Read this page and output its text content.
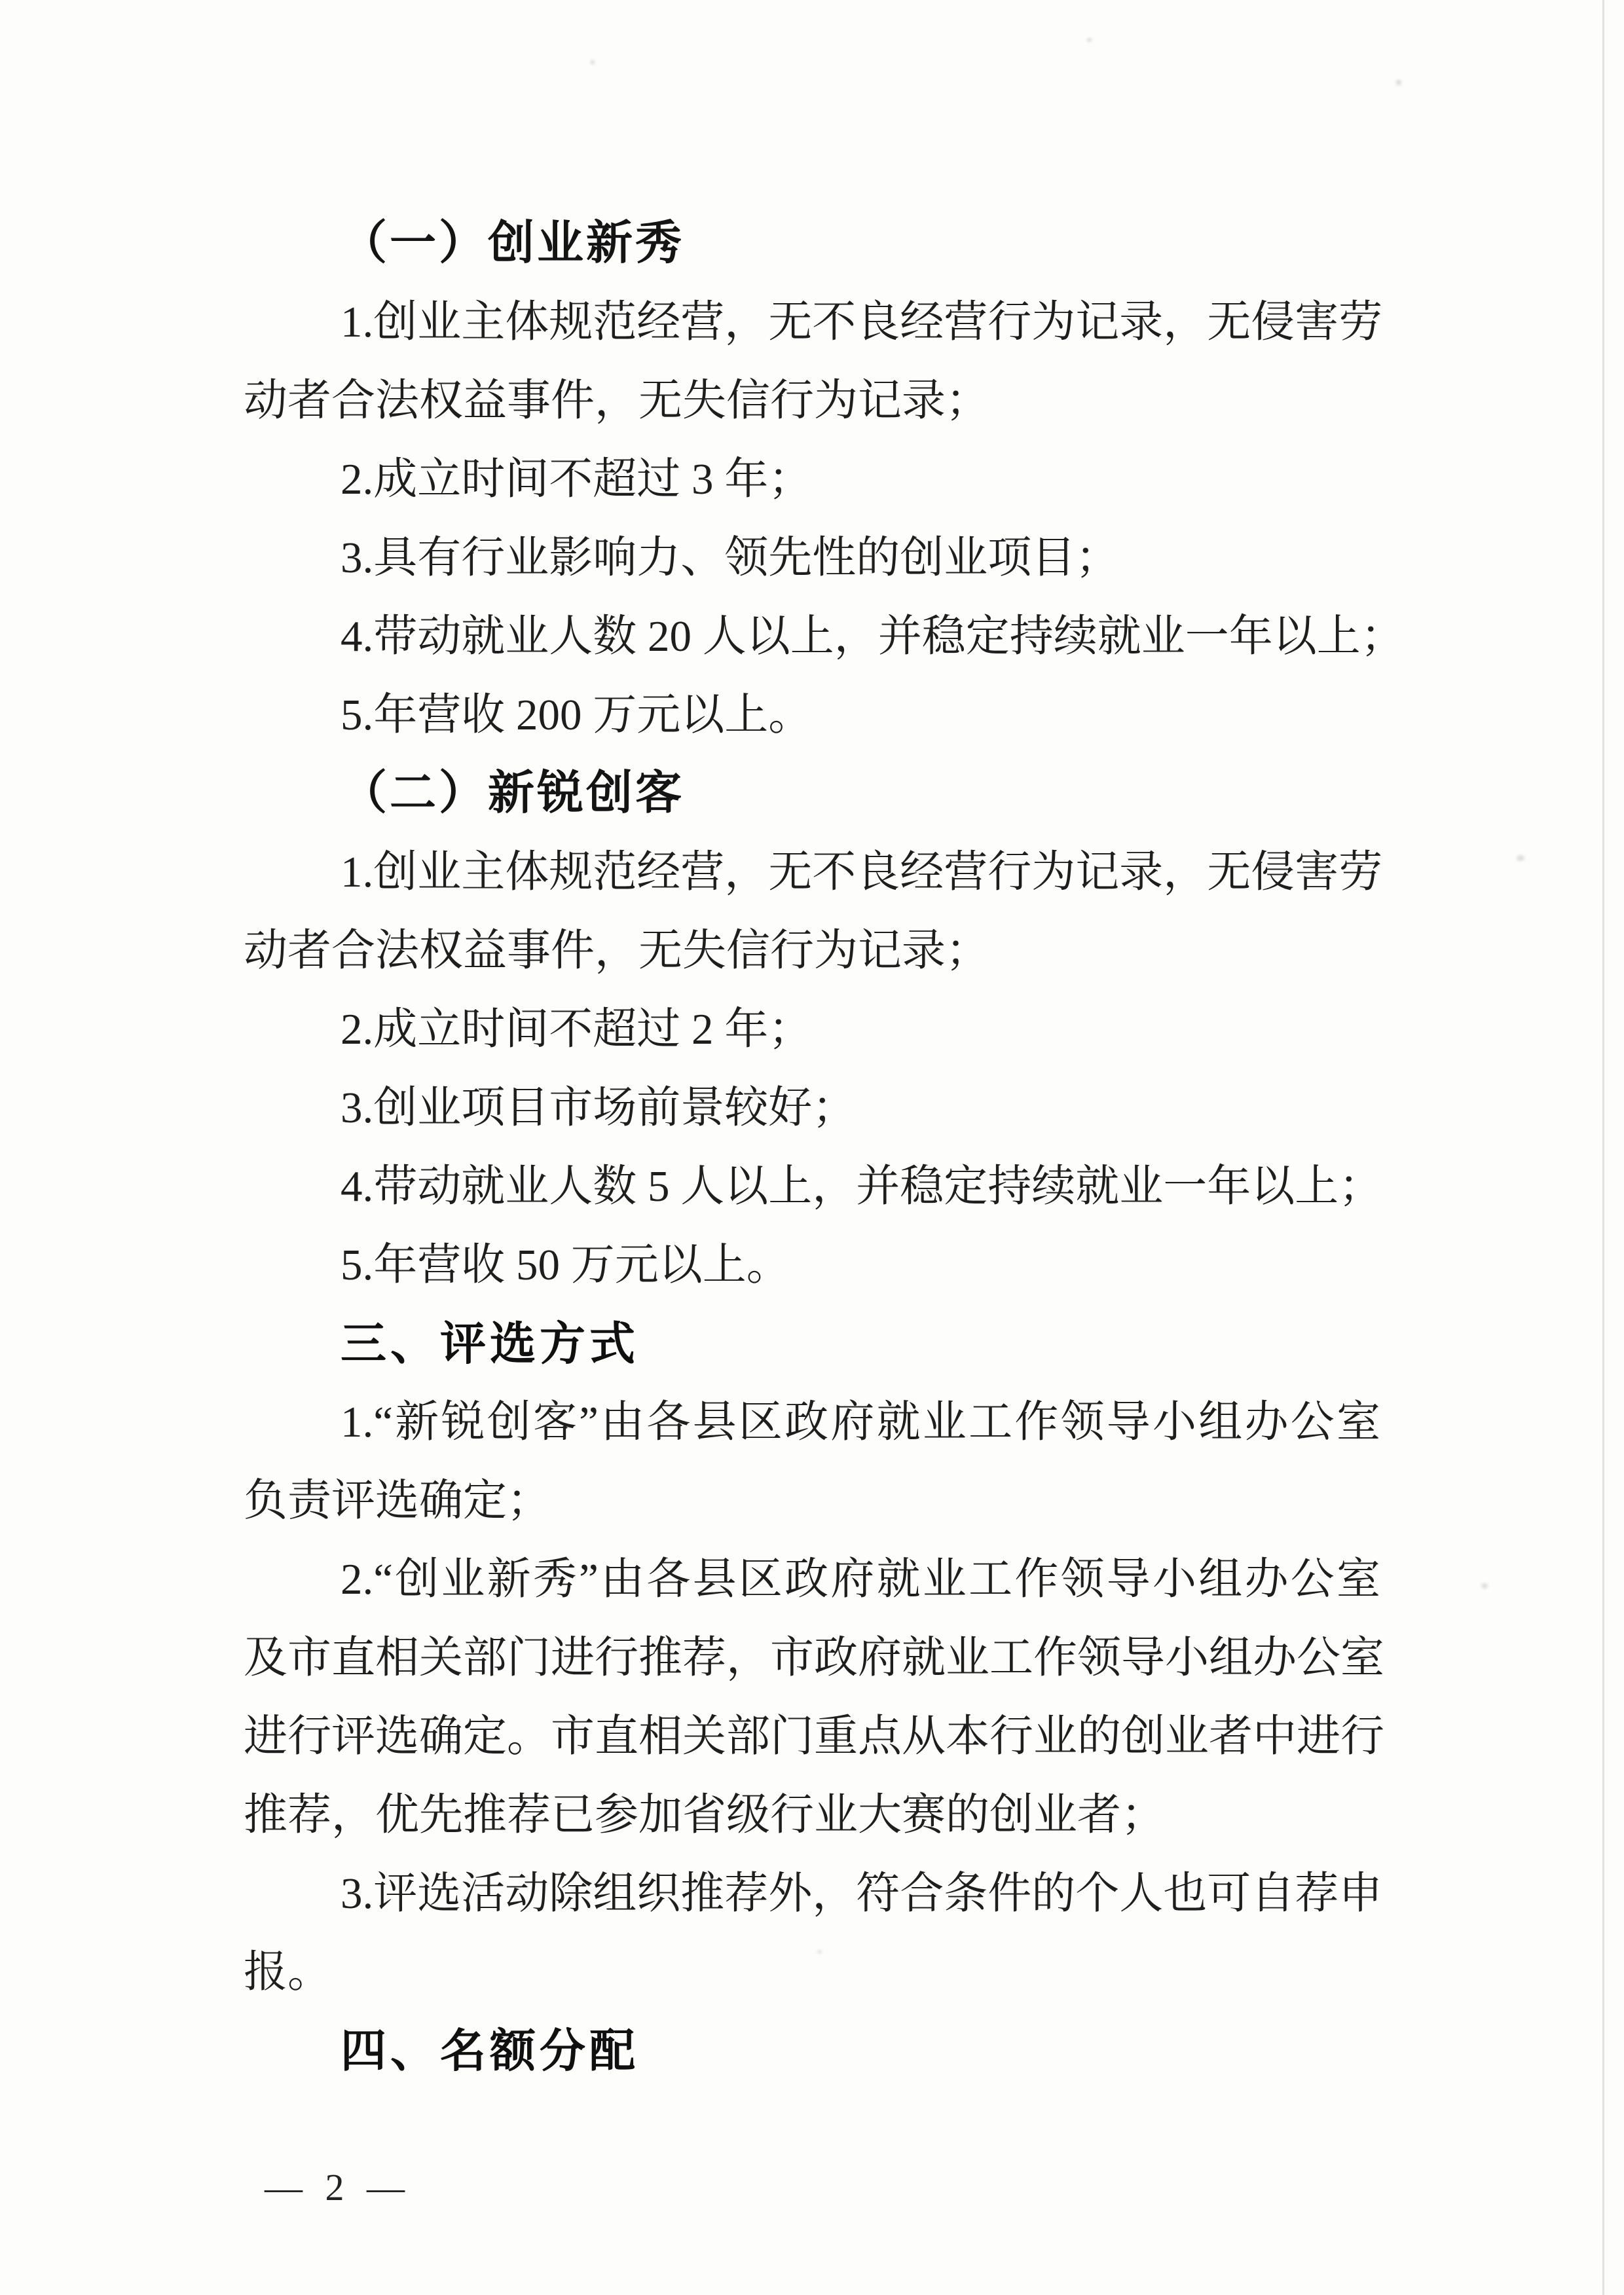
（一）创业新秀
1.创业主体规范经营，无不良经营行为记录，无侵害劳
动者合法权益事件，无失信行为记录；
2.成立时间不超过 3 年；
3.具有行业影响力、领先性的创业项目；
4.带动就业人数 20 人以上，并稳定持续就业一年以上；
5.年营收 200 万元以上。
（二）新锐创客
1.创业主体规范经营，无不良经营行为记录，无侵害劳
动者合法权益事件，无失信行为记录；
2.成立时间不超过 2 年；
3.创业项目市场前景较好；
4.带动就业人数 5 人以上，并稳定持续就业一年以上；
5.年营收 50 万元以上。
三、评选方式
1.“新锐创客”由各县区政府就业工作领导小组办公室
负责评选确定；
2.“创业新秀”由各县区政府就业工作领导小组办公室
及市直相关部门进行推荐，市政府就业工作领导小组办公室
进行评选确定。市直相关部门重点从本行业的创业者中进行
推荐，优先推荐已参加省级行业大赛的创业者；
3.评选活动除组织推荐外，符合条件的个人也可自荐申
报。
四、名额分配
— 2 —
